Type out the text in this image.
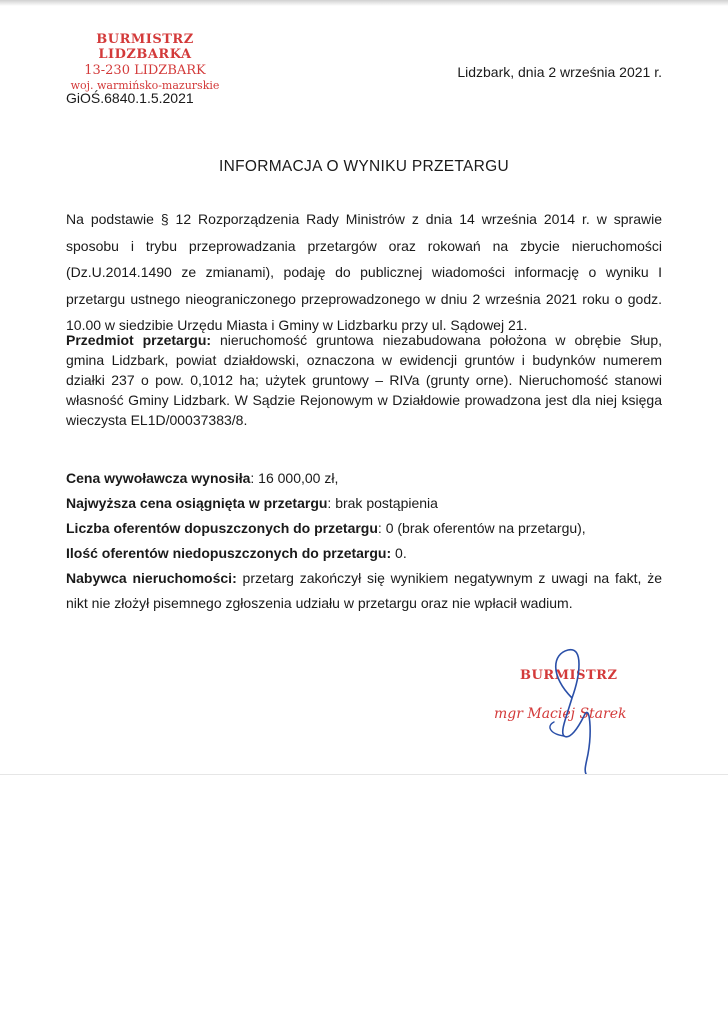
BURMISTRZ LIDZBARKA
13-230 LIDZBARK
woj. warmińsko-mazurskie
Lidzbark, dnia 2 września 2021 r.
GiOŚ.6840.1.5.2021
INFORMACJA O WYNIKU PRZETARGU

Na podstawie § 12 Rozporządzenia Rady Ministrów z dnia 14 września 2014 r. w sprawie sposobu i trybu przeprowadzania przetargów oraz rokowań na zbycie nieruchomości (Dz.U.2014.1490 ze zmianami), podaję do publicznej wiadomości informację o wyniku I przetargu ustnego nieograniczonego przeprowadzonego w dniu 2 września 2021 roku o godz. 10.00 w siedzibie Urzędu Miasta i Gminy w Lidzbarku przy ul. Sądowej 21.

Przedmiot przetargu: nieruchomość gruntowa niezabudowana położona w obrębie Słup, gmina Lidzbark, powiat działdowski, oznaczona w ewidencji gruntów i budynków numerem działki 237 o pow. 0,1012 ha; użytek gruntowy – RIVa (grunty orne). Nieruchomość stanowi własność Gminy Lidzbark. W Sądzie Rejonowym w Działdowie prowadzona jest dla niej księga wieczysta EL1D/00037383/8.

Cena wywoławcza wynosiła: 16 000,00 zł,

Najwyższa cena osiągnięta w przetargu: brak postąpienia

Liczba oferentów dopuszczonych do przetargu: 0 (brak oferentów na przetargu),

Ilość oferentów niedopuszczonych do przetargu: 0.

Nabywca nieruchomości: przetarg zakończył się wynikiem negatywnym z uwagi na fakt, że nikt nie złożył pisemnego zgłoszenia udziału w przetargu oraz nie wpłacił wadium.

BURMISTRZ
mgr Maciej Starek
